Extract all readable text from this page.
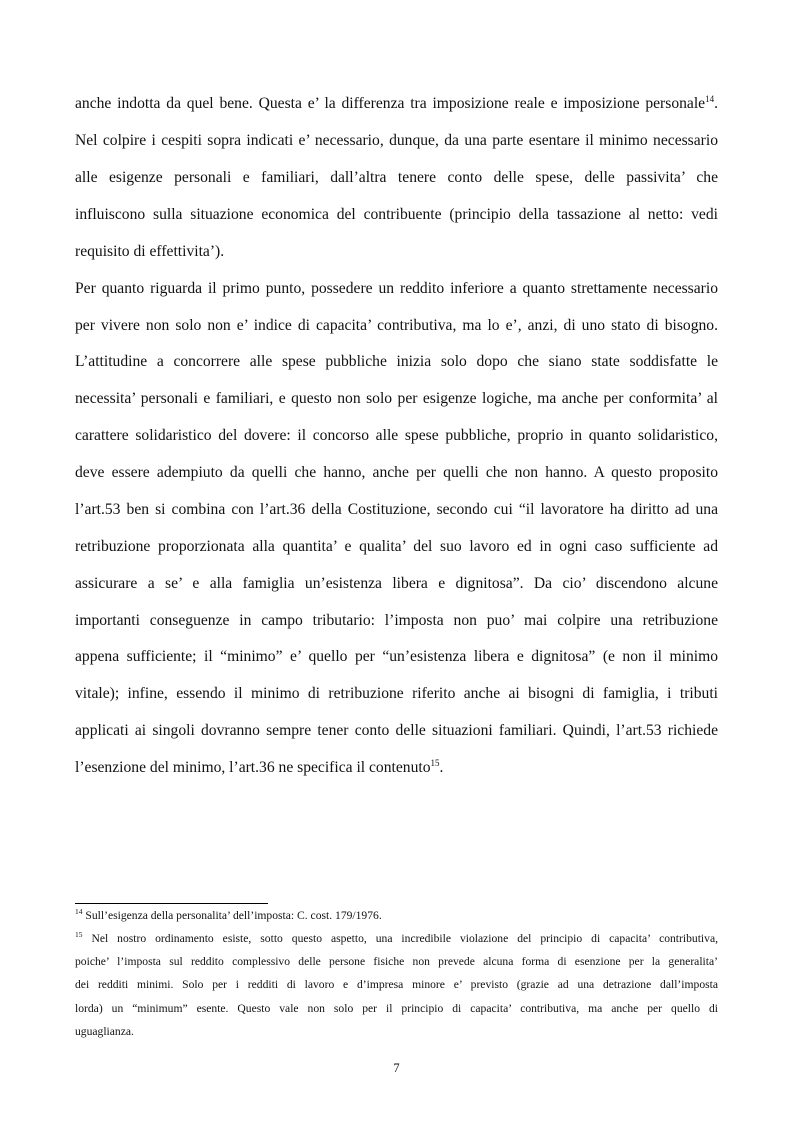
anche indotta da quel bene. Questa e’ la differenza tra imposizione reale e imposizione personale$^{14}$.
Nel colpire i cespiti sopra indicati e’ necessario, dunque, da una parte esentare il minimo necessario
alle esigenze personali e familiari, dall’altra tenere conto delle spese, delle passivita’ che
influiscono sulla situazione economica del contribuente (principio della tassazione al netto: vedi
requisito di effettivita’).
Per quanto riguarda il primo punto, possedere un reddito inferiore a quanto strettamente necessario
per vivere non solo non e’ indice di capacita’ contributiva, ma lo e’, anzi, di uno stato di bisogno.
L’attitudine a concorrere alle spese pubbliche inizia solo dopo che siano state soddisfatte le
necessita’ personali e familiari, e questo non solo per esigenze logiche, ma anche per conformita’ al
carattere solidaristico del dovere: il concorso alle spese pubbliche, proprio in quanto solidaristico,
deve essere adempiuto da quelli che hanno, anche per quelli che non hanno. A questo proposito
l’art.53 ben si combina con l’art.36 della Costituzione, secondo cui “il lavoratore ha diritto ad una
retribuzione proporzionata alla quantita’ e qualita’ del suo lavoro ed in ogni caso sufficiente ad
assicurare a se’ e alla famiglia un’esistenza libera e dignitosa”. Da cio’ discendono alcune
importanti conseguenze in campo tributario: l’imposta non puo’ mai colpire una retribuzione
appena sufficiente; il “minimo” e’ quello per “un’esistenza libera e dignitosa” (e non il minimo
vitale); infine, essendo il minimo di retribuzione riferito anche ai bisogni di famiglia, i tributi
applicati ai singoli dovranno sempre tener conto delle situazioni familiari. Quindi, l’art.53 richiede
l’esenzione del minimo, l’art.36 ne specifica il contenuto$^{15}$.
$^{14}$ Sull’esigenza della personalita’ dell’imposta: C. cost. 179/1976.
$^{15}$ Nel nostro ordinamento esiste, sotto questo aspetto, una incredibile violazione del principio di capacita’ contributiva,
poiche’ l’imposta sul reddito complessivo delle persone fisiche non prevede alcuna forma di esenzione per la generalita’
dei redditi minimi. Solo per i redditi di lavoro e d’impresa minore e’ previsto (grazie ad una detrazione dall’imposta
lorda) un “minimum” esente. Questo vale non solo per il principio di capacita’ contributiva, ma anche per quello di
uguaglianza.
7
